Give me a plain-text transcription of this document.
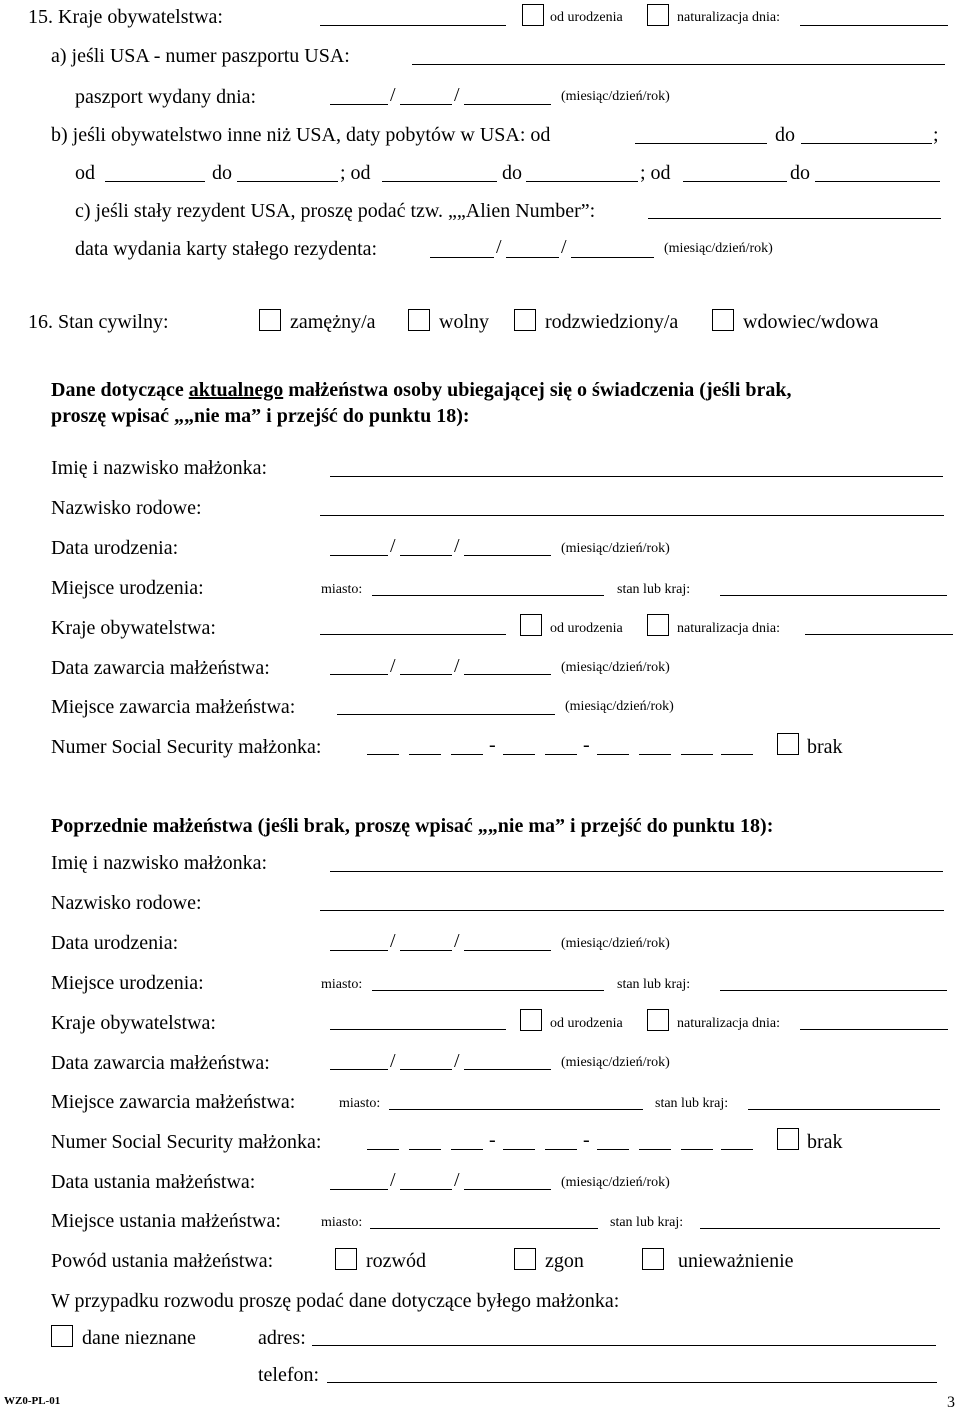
15. Kraje obywatelstwa:	od urodzenia	naturalizacja dnia:
a) jeśli USA - numer paszportu USA:
paszport wydany dnia:	/	/	(miesiąc/dzień/rok)
b) jeśli obywatelstwo inne niż USA, daty pobytów w USA: od	do	;
od	do	; od	do	; od	do
c) jeśli stały rezydent USA, proszę podać tzw. „„Alien Number”:
data wydania karty stałego rezydenta:	/	/	(miesiąc/dzień/rok)
16. Stan cywilny:	zamężny/a	wolny	rodzwiedziony/a	wdowiec/wdowa
Dane dotyczące aktualnego małżeństwa osoby ubiegającej się o świadczenia (jeśli brak,
proszę wpisać „„nie ma” i przejść do punktu 18):
Imię i nazwisko małżonka:
Nazwisko rodowe:
Data urodzenia:	/	/	(miesiąc/dzień/rok)
Miejsce urodzenia:	miasto:	stan lub kraj:
Kraje obywatelstwa:	od urodzenia	naturalizacja dnia:
Data zawarcia małżeństwa:	/	/	(miesiąc/dzień/rok)
Miejsce zawarcia małżeństwa:	(miesiąc/dzień/rok)
Numer Social Security małżonka:	-	-	brak
Poprzednie małżeństwa (jeśli brak, proszę wpisać „„nie ma” i przejść do punktu 18):
Imię i nazwisko małżonka:
Nazwisko rodowe:
Data urodzenia:	/	/	(miesiąc/dzień/rok)
Miejsce urodzenia:	miasto:	stan lub kraj:
Kraje obywatelstwa:	od urodzenia	naturalizacja dnia:
Data zawarcia małżeństwa:	/	/	(miesiąc/dzień/rok)
Miejsce zawarcia małżeństwa:	miasto:	stan lub kraj:
Numer Social Security małżonka:	-	-	brak
Data ustania małżeństwa:	/	/	(miesiąc/dzień/rok)
Miejsce ustania małżeństwa:	miasto:	stan lub kraj:
Powód ustania małżeństwa:	rozwód	zgon	unieważnienie
W przypadku rozwodu proszę podać dane dotyczące byłego małżonka:
dane nieznane	adres:
telefon:
WZ0-PL-01	3
